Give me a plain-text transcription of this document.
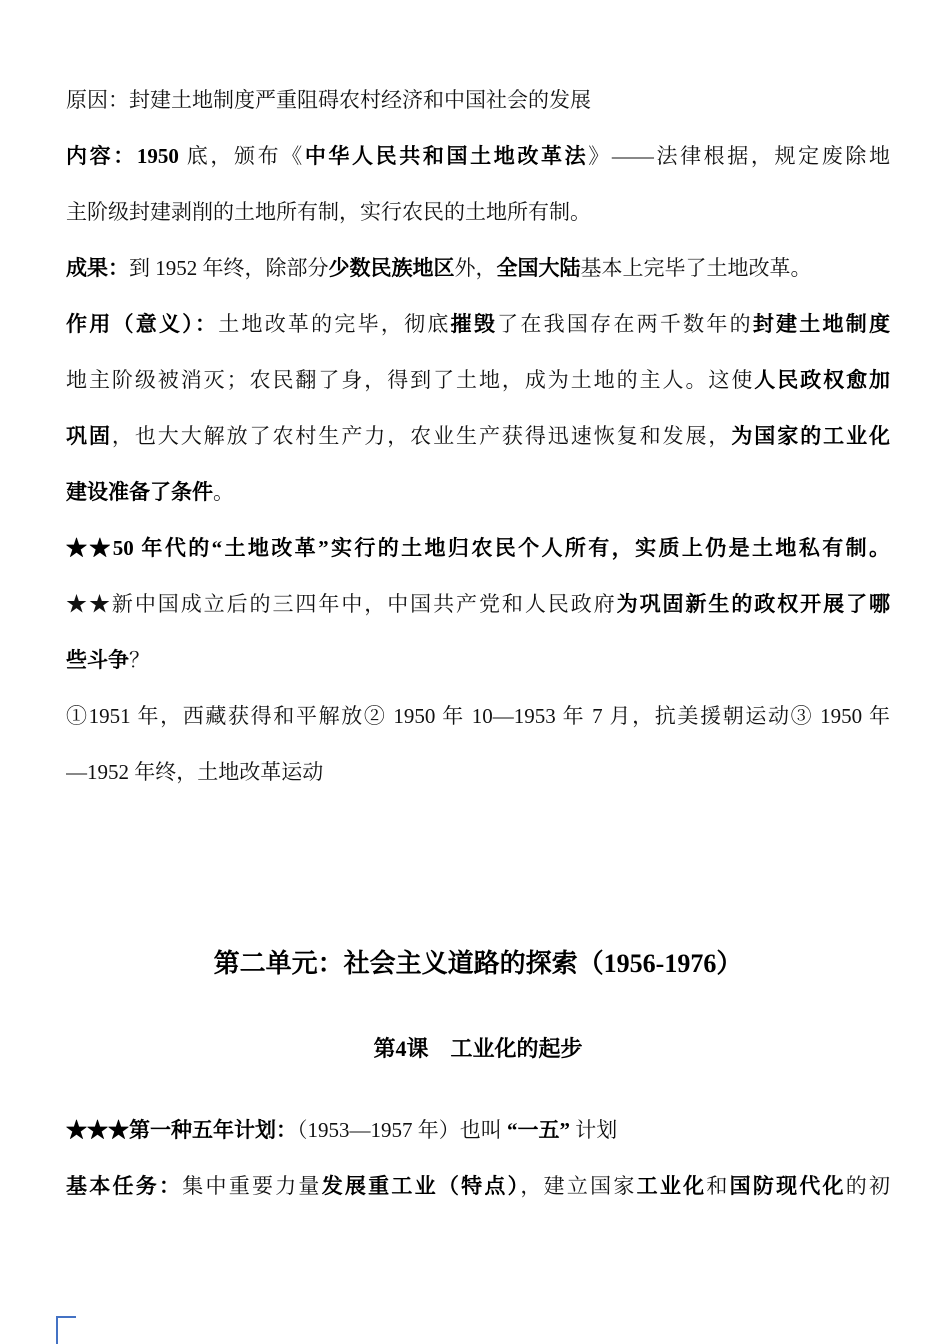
原因：封建土地制度严重阻碍农村经济和中国社会的发展
内容：1950 底，颁布《中华人民共和国土地改革法》——法律根据，规定废除地
主阶级封建剥削的土地所有制，实行农民的土地所有制。
成果：到 1952 年终，除部分少数民族地区外，全国大陆基本上完毕了土地改革。
作用（意义）：土地改革的完毕，彻底摧毁了在我国存在两千数年的封建土地制度
地主阶级被消灭；农民翻了身，得到了土地，成为土地的主人。这使人民政权愈加
巩固，也大大解放了农村生产力，农业生产获得迅速恢复和发展，为国家的工业化
建设准备了条件。
★★50 年代的“土地改革”实行的土地归农民个人所有，实质上仍是土地私有制。
★★新中国成立后的三四年中，中国共产党和人民政府为巩固新生的政权开展了哪
些斗争？
①1951 年，西藏获得和平解放② 1950 年 10—1953 年 7 月，抗美援朝运动③ 1950 年
—1952 年终，土地改革运动
第二单元：社会主义道路的探索（1956-1976）
第4课　工业化的起步
★★★第一种五年计划：（1953—1957 年）也叫 “一五” 计划
基本任务：集中重要力量发展重工业（特点），建立国家工业化和国防现代化的初
